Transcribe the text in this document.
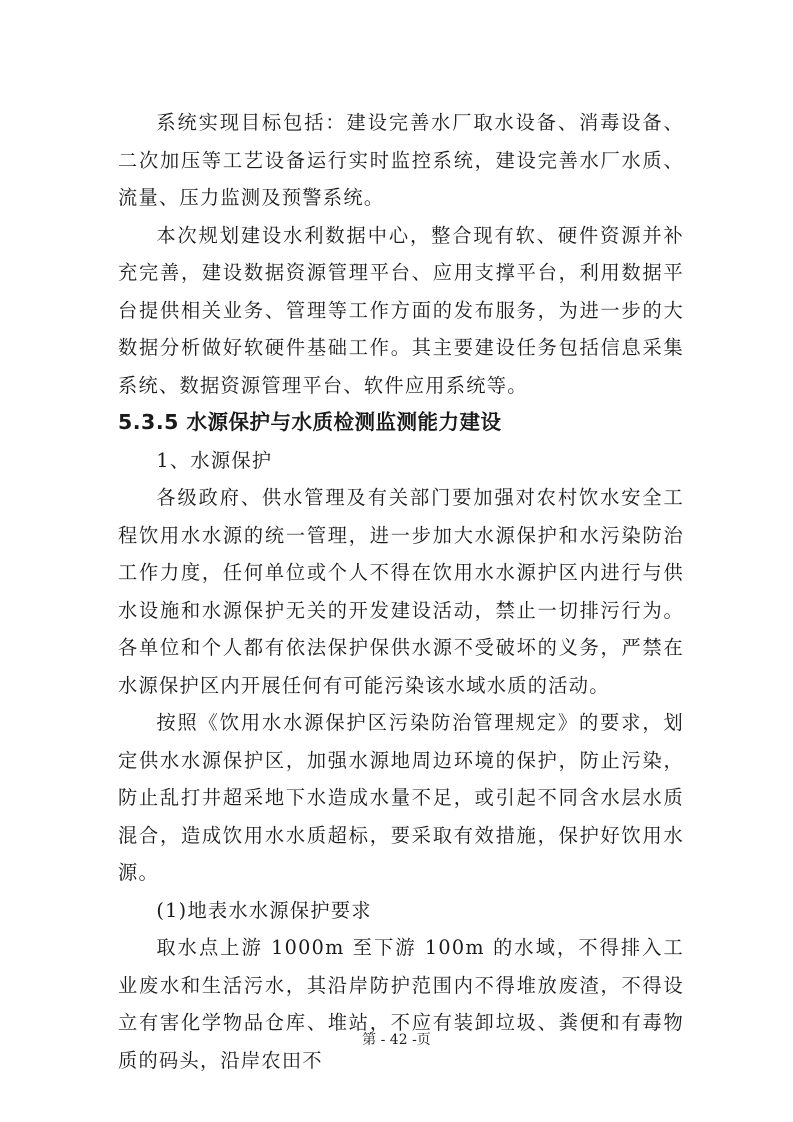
系统实现目标包括：建设完善水厂取水设备、消毒设备、二次加压等工艺设备运行实时监控系统，建设完善水厂水质、流量、压力监测及预警系统。

本次规划建设水利数据中心，整合现有软、硬件资源并补充完善，建设数据资源管理平台、应用支撑平台，利用数据平台提供相关业务、管理等工作方面的发布服务，为进一步的大数据分析做好软硬件基础工作。其主要建设任务包括信息采集系统、数据资源管理平台、软件应用系统等。

5.3.5 水源保护与水质检测监测能力建设

1、水源保护

各级政府、供水管理及有关部门要加强对农村饮水安全工程饮用水水源的统一管理，进一步加大水源保护和水污染防治工作力度，任何单位或个人不得在饮用水水源护区内进行与供水设施和水源保护无关的开发建设活动，禁止一切排污行为。各单位和个人都有依法保护保供水源不受破坏的义务，严禁在水源保护区内开展任何有可能污染该水域水质的活动。

按照《饮用水水源保护区污染防治管理规定》的要求，划定供水水源保护区，加强水源地周边环境的保护，防止污染，防止乱打井超采地下水造成水量不足，或引起不同含水层水质混合，造成饮用水水质超标，要采取有效措施，保护好饮用水源。

(1)地表水水源保护要求

取水点上游 1000m 至下游 100m 的水域，不得排入工业废水和生活污水，其沿岸防护范围内不得堆放废渣，不得设立有害化学物品仓库、堆站，不应有装卸垃圾、粪便和有毒物质的码头，沿岸农田不

第 - 42 -页
